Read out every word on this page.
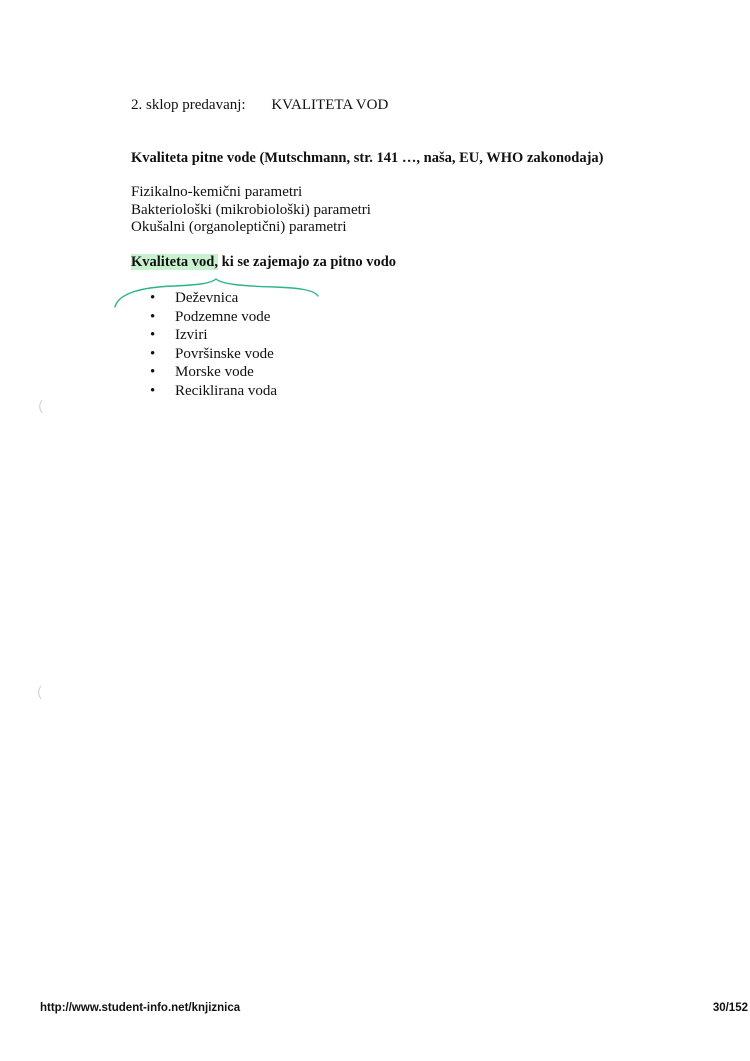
2. sklop predavanj: KVALITETA VOD
Kvaliteta pitne vode (Mutschmann, str. 141 …, naša, EU, WHO zakonodaja)
Fizikalno-kemični parametri
Bakteriološki (mikrobiološki) parametri
Okušalni (organoleptični) parametri
Kvaliteta vod, ki se zajemajo za pitno vodo
• Deževnica
• Podzemne vode
• Izviri
• Površinske vode
• Morske vode
• Reciklirana voda
http://www.student-info.net/knjiznica	30/152
